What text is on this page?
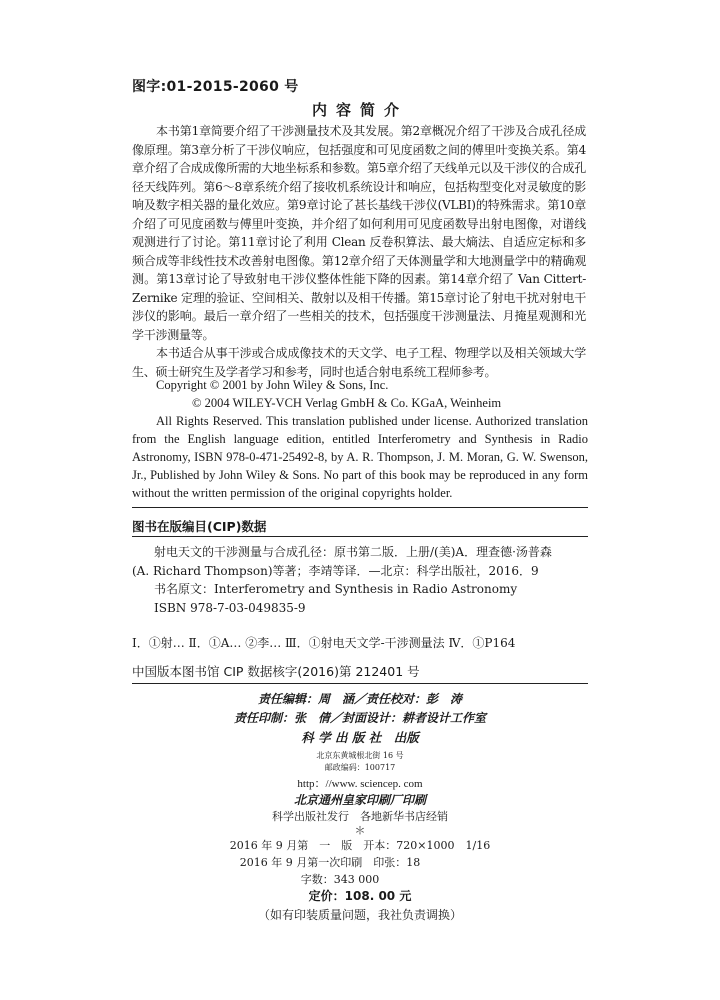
图字:01-2015-2060 号
内容简介

本书第1章简要介绍了干涉测量技术及其发展。第2章概况介绍了干涉及合成孔径成像原理。第3章分析了干涉仪响应，包括强度和可见度函数之间的傅里叶变换关系。第4章介绍了合成成像所需的大地坐标系和参数。第5章介绍了天线单元以及干涉仪的合成孔径天线阵列。第6～8章系统介绍了接收机系统设计和响应，包括构型变化对灵敏度的影响及数字相关器的量化效应。第9章讨论了甚长基线干涉仪(VLBI)的特殊需求。第10章介绍了可见度函数与傅里叶变换，并介绍了如何利用可见度函数导出射电图像，对谱线观测进行了讨论。第11章讨论了利用 Clean 反卷积算法、最大熵法、自适应定标和多频合成等非线性技术改善射电图像。第12章介绍了天体测量学和大地测量学中的精确观测。第13章讨论了导致射电干涉仪整体性能下降的因素。第14章介绍了 Van Cittert-Zernike 定理的验证、空间相关、散射以及相干传播。第15章讨论了射电干扰对射电干涉仪的影响。最后一章介绍了一些相关的技术，包括强度干涉测量法、月掩星观测和光学干涉测量等。

本书适合从事干涉或合成成像技术的天文学、电子工程、物理学以及相关领域大学生、硕士研究生及学者学习和参考，同时也适合射电系统工程师参考。

Copyright © 2001 by John Wiley & Sons, Inc.
© 2004 WILEY-VCH Verlag GmbH & Co. KGaA, Weinheim
All Rights Reserved. This translation published under license. Authorized translation from the English language edition, entitled Interferometry and Synthesis in Radio Astronomy, ISBN 978-0-471-25492-8, by A. R. Thompson, J. M. Moran, G. W. Swenson, Jr., Published by John Wiley & Sons. No part of this book may be reproduced in any form without the written permission of the original copyrights holder.
图书在版编目(CIP)数据
射电天文的干涉测量与合成孔径：原书第二版．上册/(美)A．理查德·汤普森
(A. Richard Thompson)等著；李靖等译．—北京：科学出版社，2016．9
书名原文：Interferometry and Synthesis in Radio Astronomy
ISBN 978-7-03-049835-9
Ⅰ．①射… Ⅱ．①A… ②李… Ⅲ．①射电天文学-干涉测量法 Ⅳ．①P164
中国版本图书馆 CIP 数据核字(2016)第 212401 号
责任编辑：周　涵／责任校对：彭　涛
责任印制：张　倩／封面设计：耕者设计工作室
科 学 出 版 社　出版
北京东黄城根北街 16 号
邮政编码：100717
http：//www. sciencep. com
北京通州皇家印刷厂印刷
科学出版社发行　各地新华书店经销
＊
2016 年 9 月第　一　版　开本：720×1000　1/16
2016 年 9 月第一次印刷　印张：18
字数：343 000
定价：108. 00 元
（如有印装质量问题，我社负责调换）
